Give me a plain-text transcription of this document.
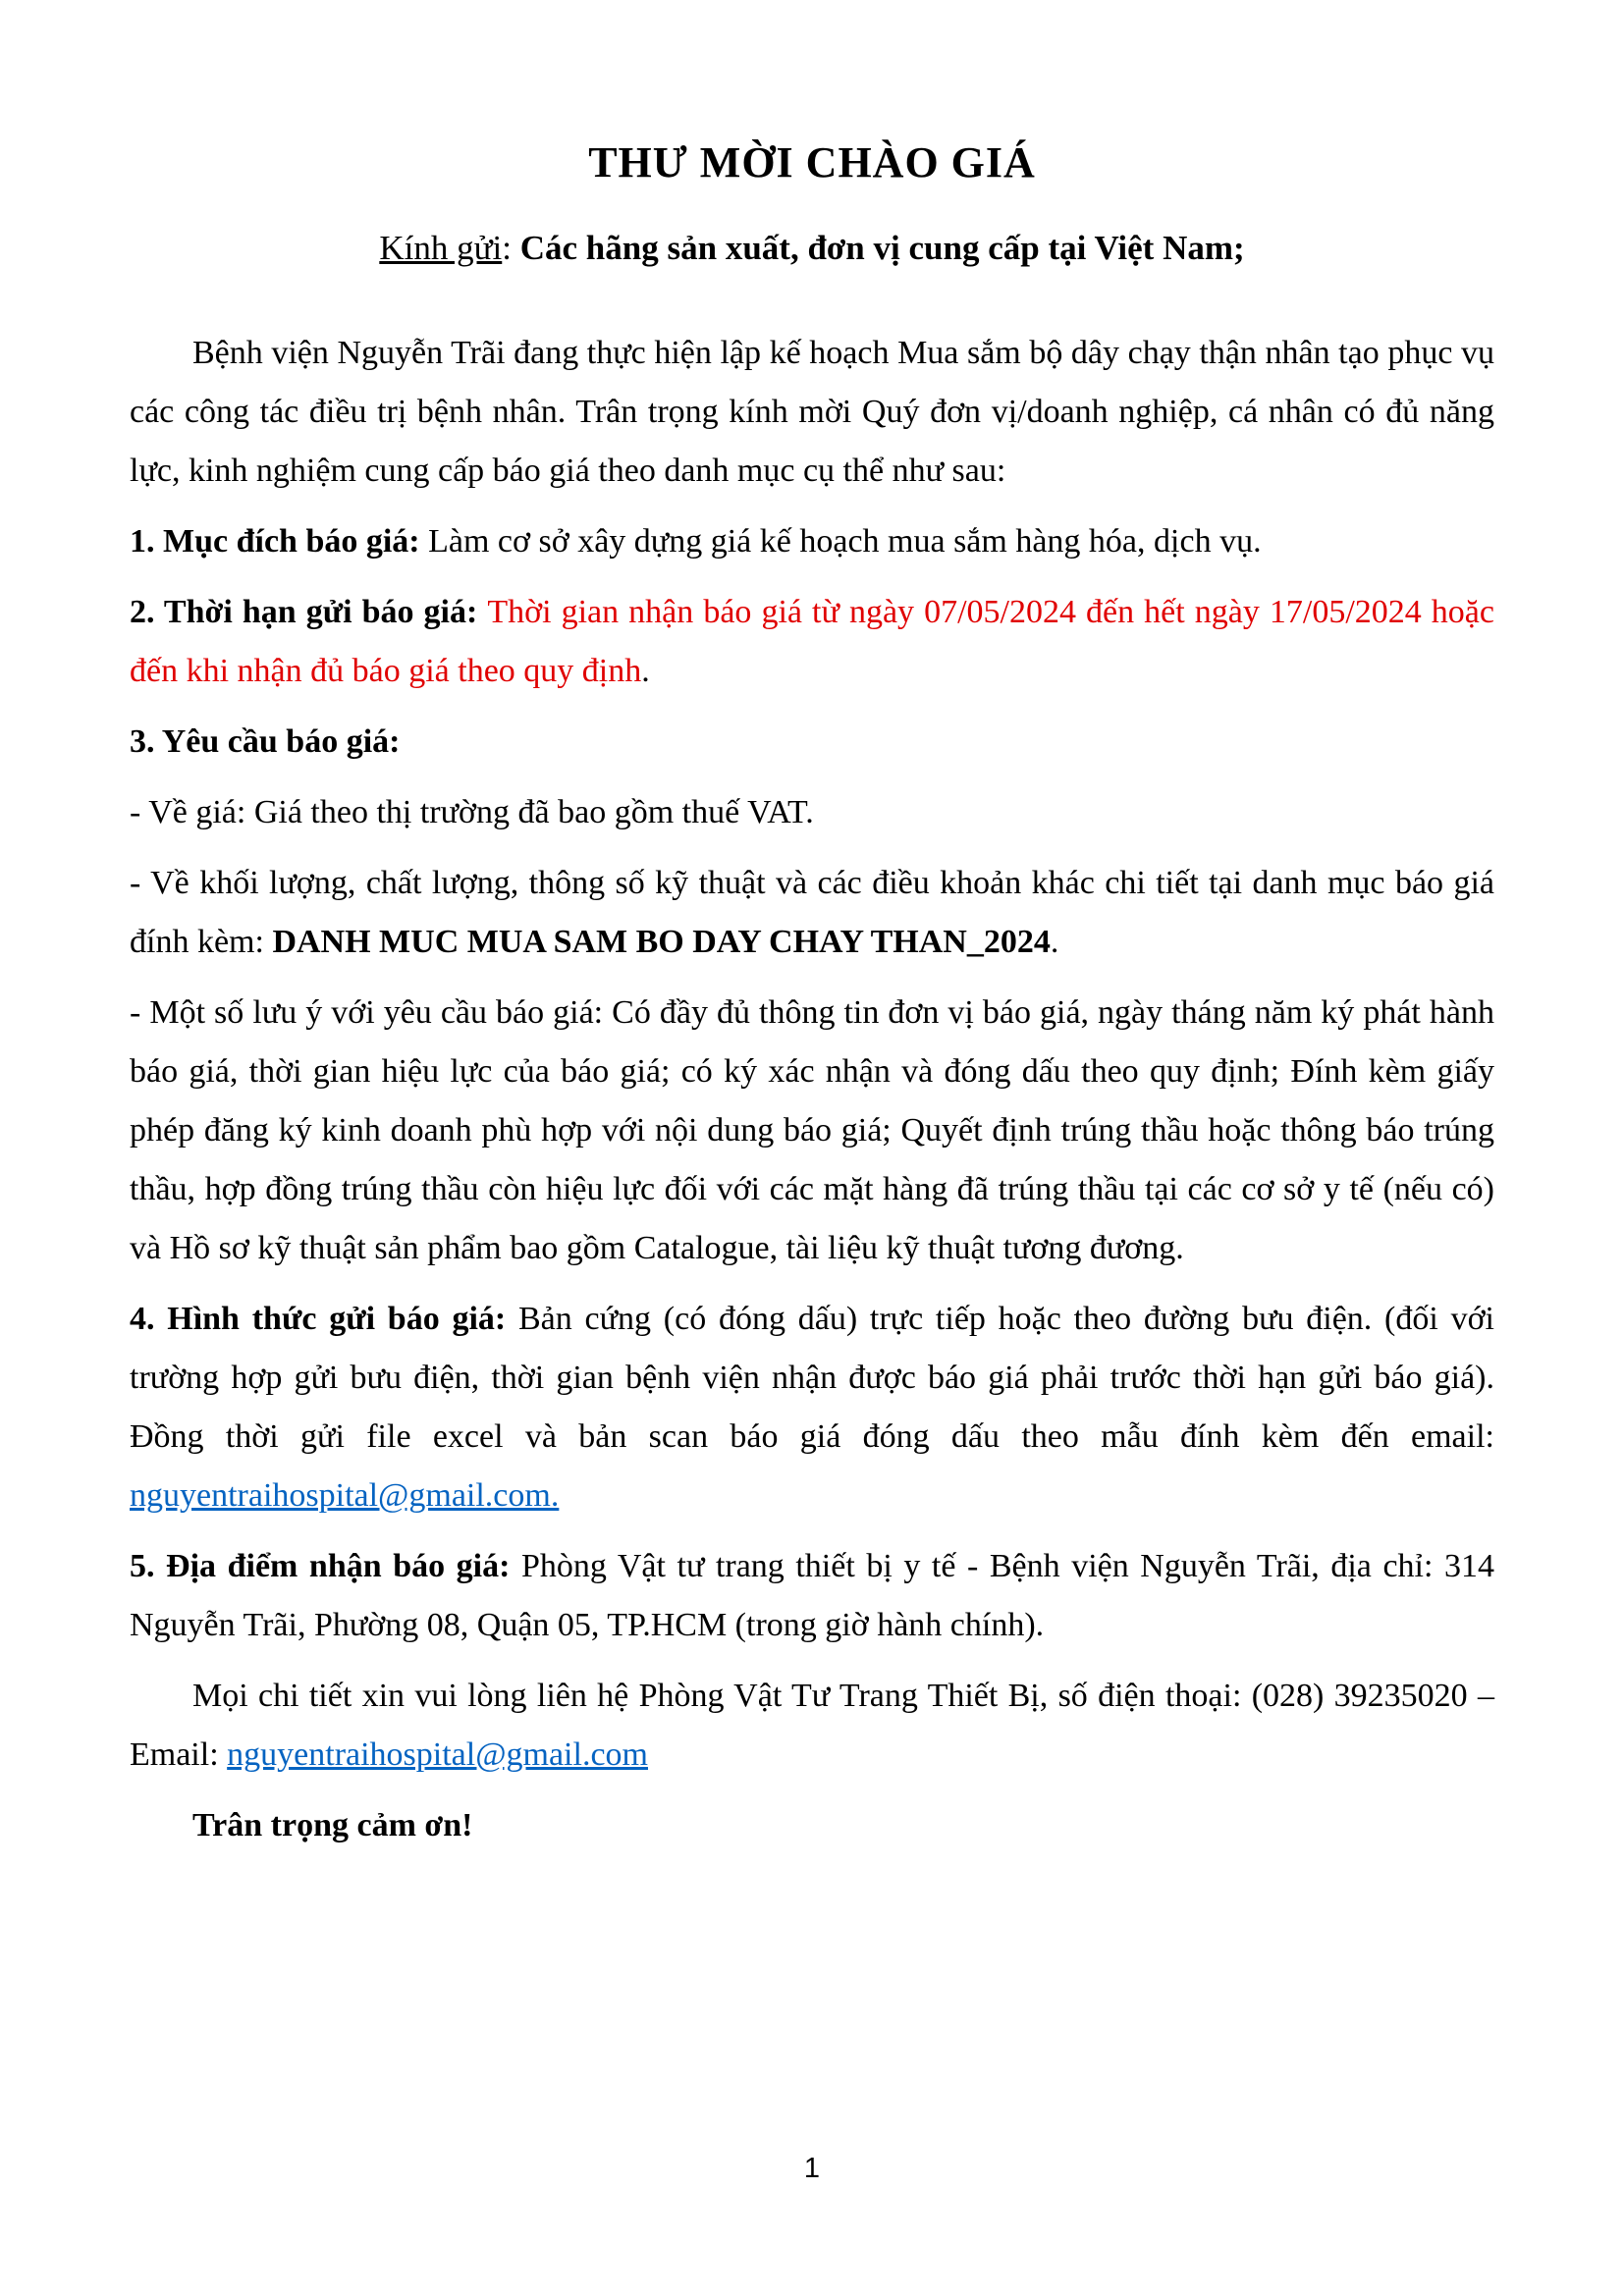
THƯ MỜI CHÀO GIÁ
Kính gửi: Các hãng sản xuất, đơn vị cung cấp tại Việt Nam;

Bệnh viện Nguyễn Trãi đang thực hiện lập kế hoạch Mua sắm bộ dây chạy thận nhân tạo phục vụ các công tác điều trị bệnh nhân. Trân trọng kính mời Quý đơn vị/doanh nghiệp, cá nhân có đủ năng lực, kinh nghiệm cung cấp báo giá theo danh mục cụ thể như sau:

1. Mục đích báo giá: Làm cơ sở xây dựng giá kế hoạch mua sắm hàng hóa, dịch vụ.

2. Thời hạn gửi báo giá: Thời gian nhận báo giá từ ngày 07/05/2024 đến hết ngày 17/05/2024 hoặc đến khi nhận đủ báo giá theo quy định.

3. Yêu cầu báo giá:

- Về giá: Giá theo thị trường đã bao gồm thuế VAT.

- Về khối lượng, chất lượng, thông số kỹ thuật và các điều khoản khác chi tiết tại danh mục báo giá đính kèm: DANH MUC MUA SAM BO DAY CHAY THAN_2024.

- Một số lưu ý với yêu cầu báo giá: Có đầy đủ thông tin đơn vị báo giá, ngày tháng năm ký phát hành báo giá, thời gian hiệu lực của báo giá; có ký xác nhận và đóng dấu theo quy định; Đính kèm giấy phép đăng ký kinh doanh phù hợp với nội dung báo giá; Quyết định trúng thầu hoặc thông báo trúng thầu, hợp đồng trúng thầu còn hiệu lực đối với các mặt hàng đã trúng thầu tại các cơ sở y tế (nếu có) và Hồ sơ kỹ thuật sản phẩm bao gồm Catalogue, tài liệu kỹ thuật tương đương.

4. Hình thức gửi báo giá: Bản cứng (có đóng dấu) trực tiếp hoặc theo đường bưu điện. (đối với trường hợp gửi bưu điện, thời gian bệnh viện nhận được báo giá phải trước thời hạn gửi báo giá). Đồng thời gửi file excel và bản scan báo giá đóng dấu theo mẫu đính kèm đến email: nguyentraihospital@gmail.com.

5. Địa điểm nhận báo giá: Phòng Vật tư trang thiết bị y tế - Bệnh viện Nguyễn Trãi, địa chỉ: 314 Nguyễn Trãi, Phường 08, Quận 05, TP.HCM (trong giờ hành chính).

Mọi chi tiết xin vui lòng liên hệ Phòng Vật Tư Trang Thiết Bị, số điện thoại: (028) 39235020 – Email: nguyentraihospital@gmail.com

Trân trọng cảm ơn!

1
